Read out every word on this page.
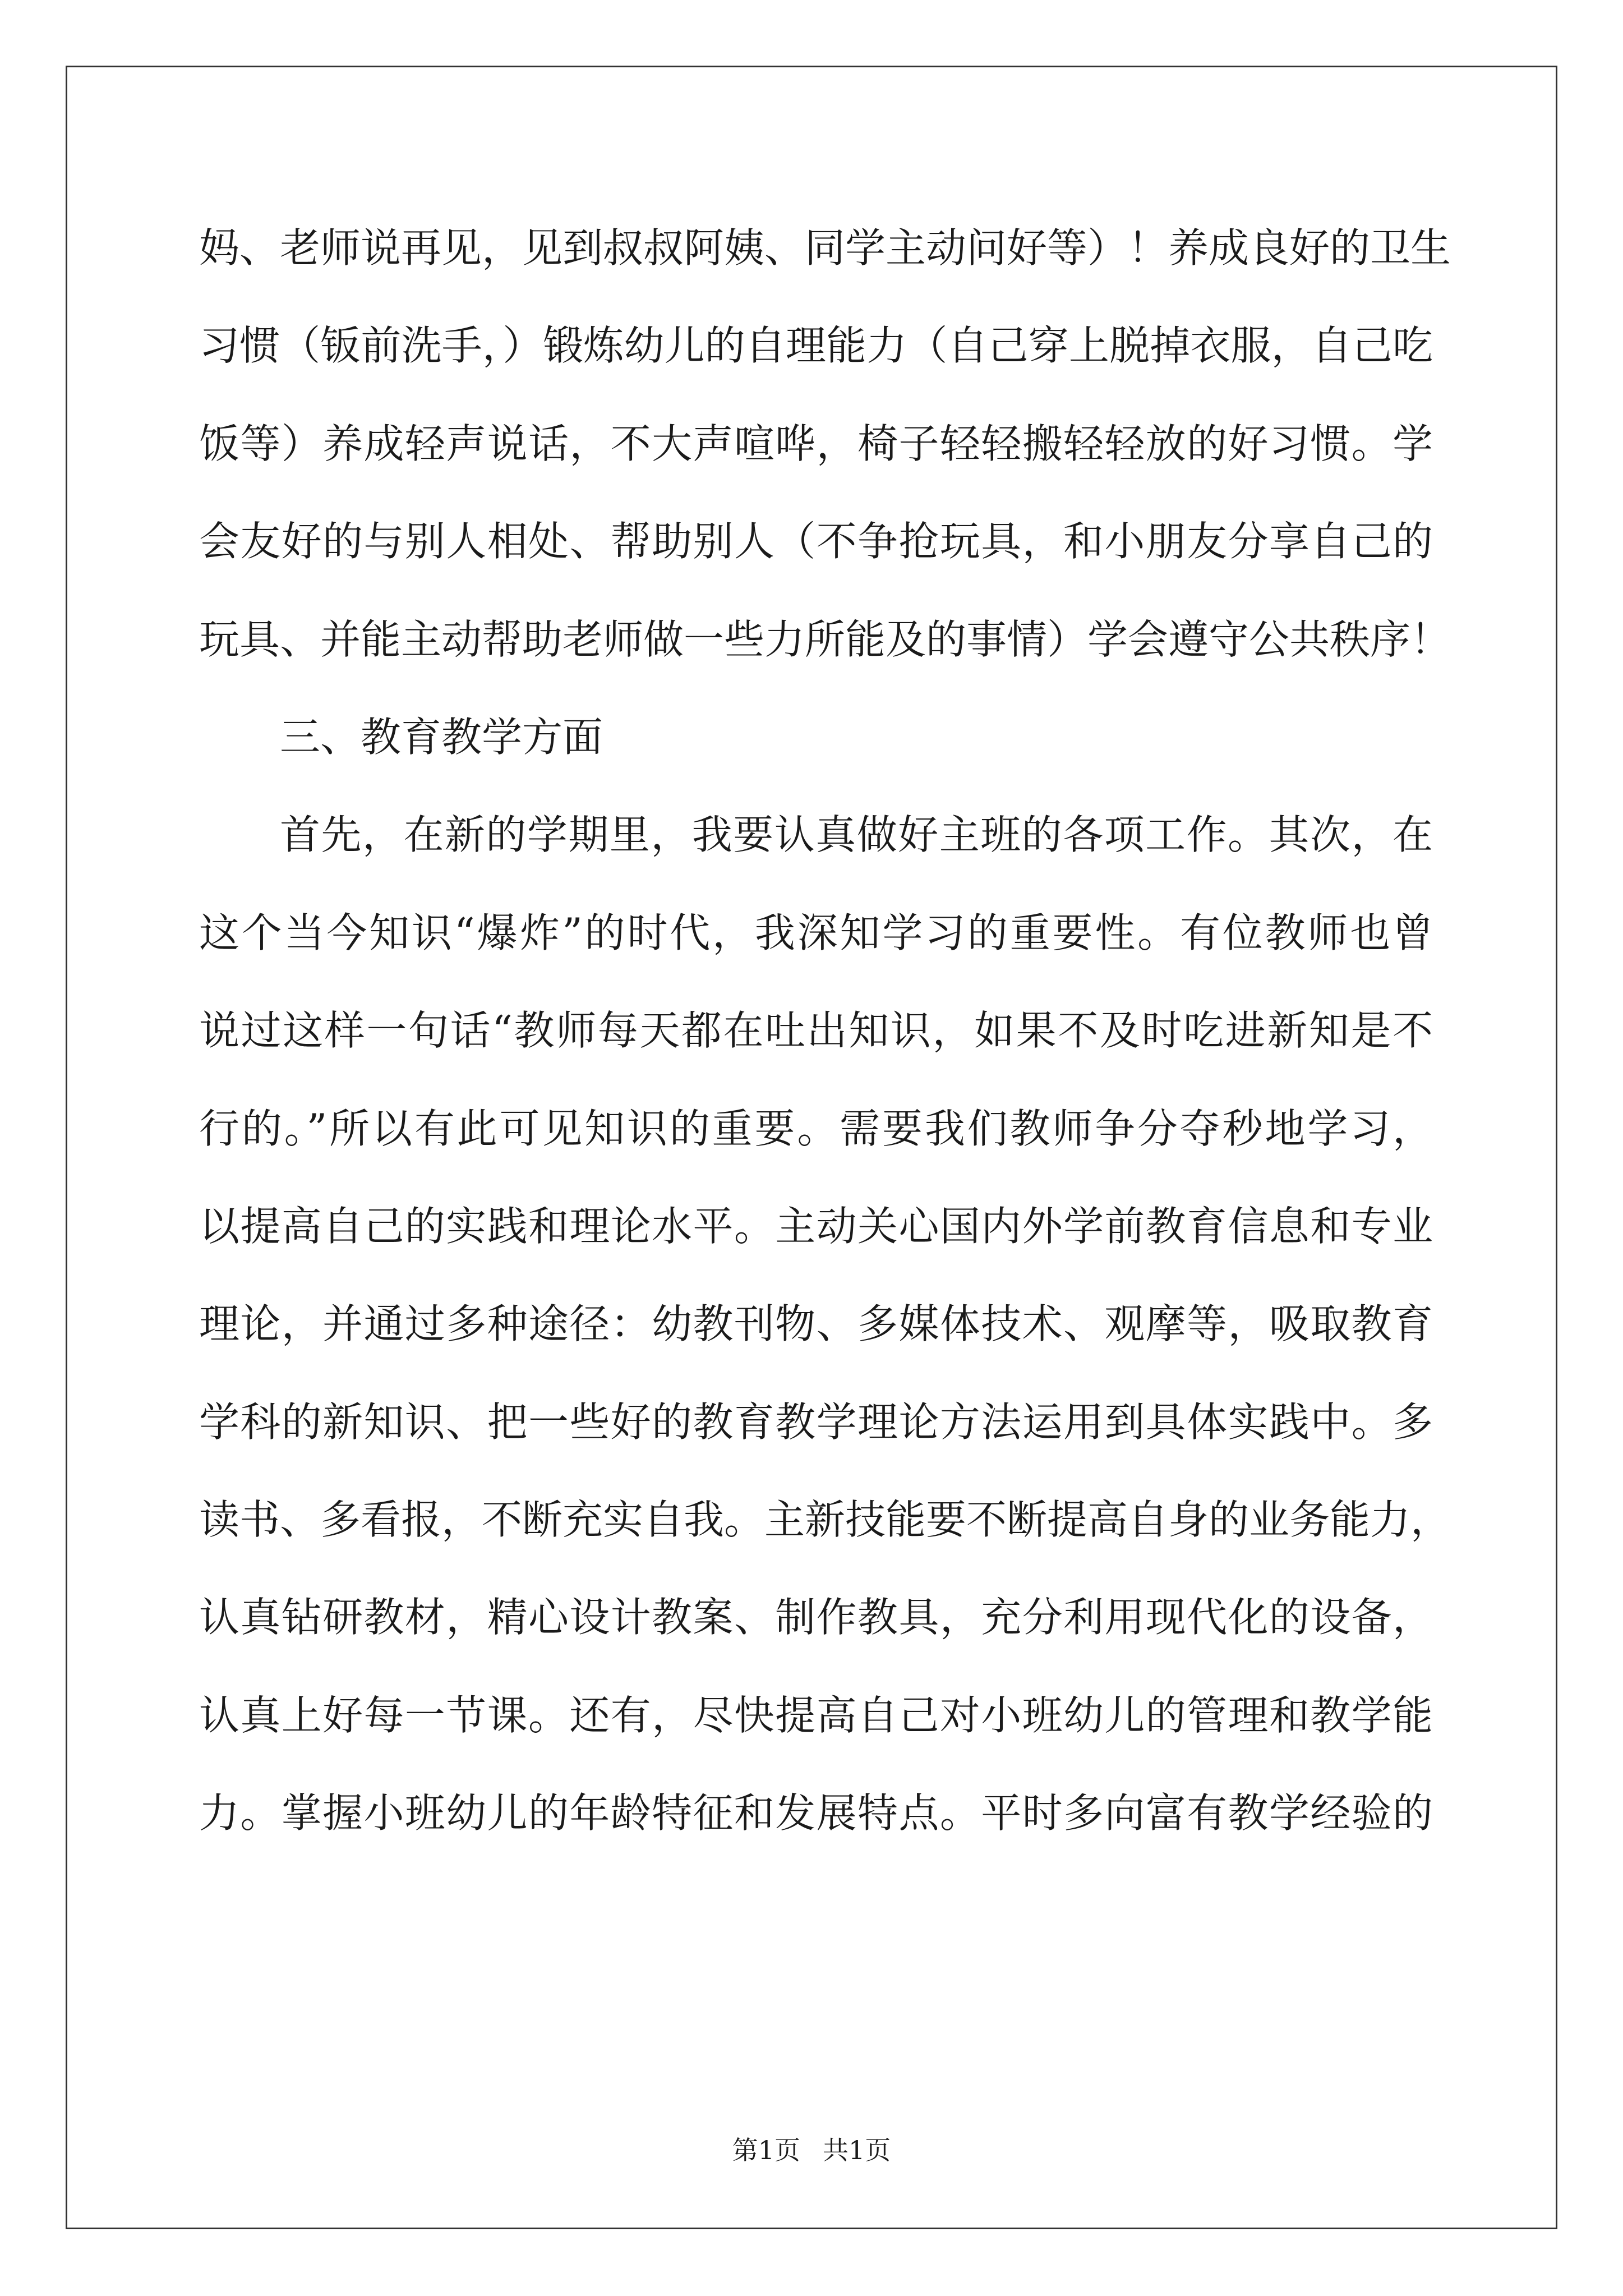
妈、老师说再见，见到叔叔阿姨、同学主动问好等）！养成良好的卫生
习惯（钣前洗手，）锻炼幼儿的自理能力（自己穿上脱掉衣服，自己吃
饭等）养成轻声说话，不大声喧哗，椅子轻轻搬轻轻放的好习惯。学
会友好的与别人相处、帮助别人（不争抢玩具，和小朋友分享自己的
玩具、并能主动帮助老师做一些力所能及的事情）学会遵守公共秩序！
三、教育教学方面
首先，在新的学期里，我要认真做好主班的各项工作。其次，在
这个当今知识“爆炸”的时代，我深知学习的重要性。有位教师也曾
说过这样一句话“教师每天都在吐出知识，如果不及时吃进新知是不
行的。”所以有此可见知识的重要。需要我们教师争分夺秒地学习，
以提高自己的实践和理论水平。主动关心国内外学前教育信息和专业
理论，并通过多种途径：幼教刊物、多媒体技术、观摩等，吸取教育
学科的新知识、把一些好的教育教学理论方法运用到具体实践中。多
读书、多看报，不断充实自我。主新技能要不断提高自身的业务能力，
认真钻研教材，精心设计教案、制作教具，充分利用现代化的设备，
认真上好每一节课。还有，尽快提高自己对小班幼儿的管理和教学能
力。掌握小班幼儿的年龄特征和发展特点。平时多向富有教学经验的
第1页 共1页
